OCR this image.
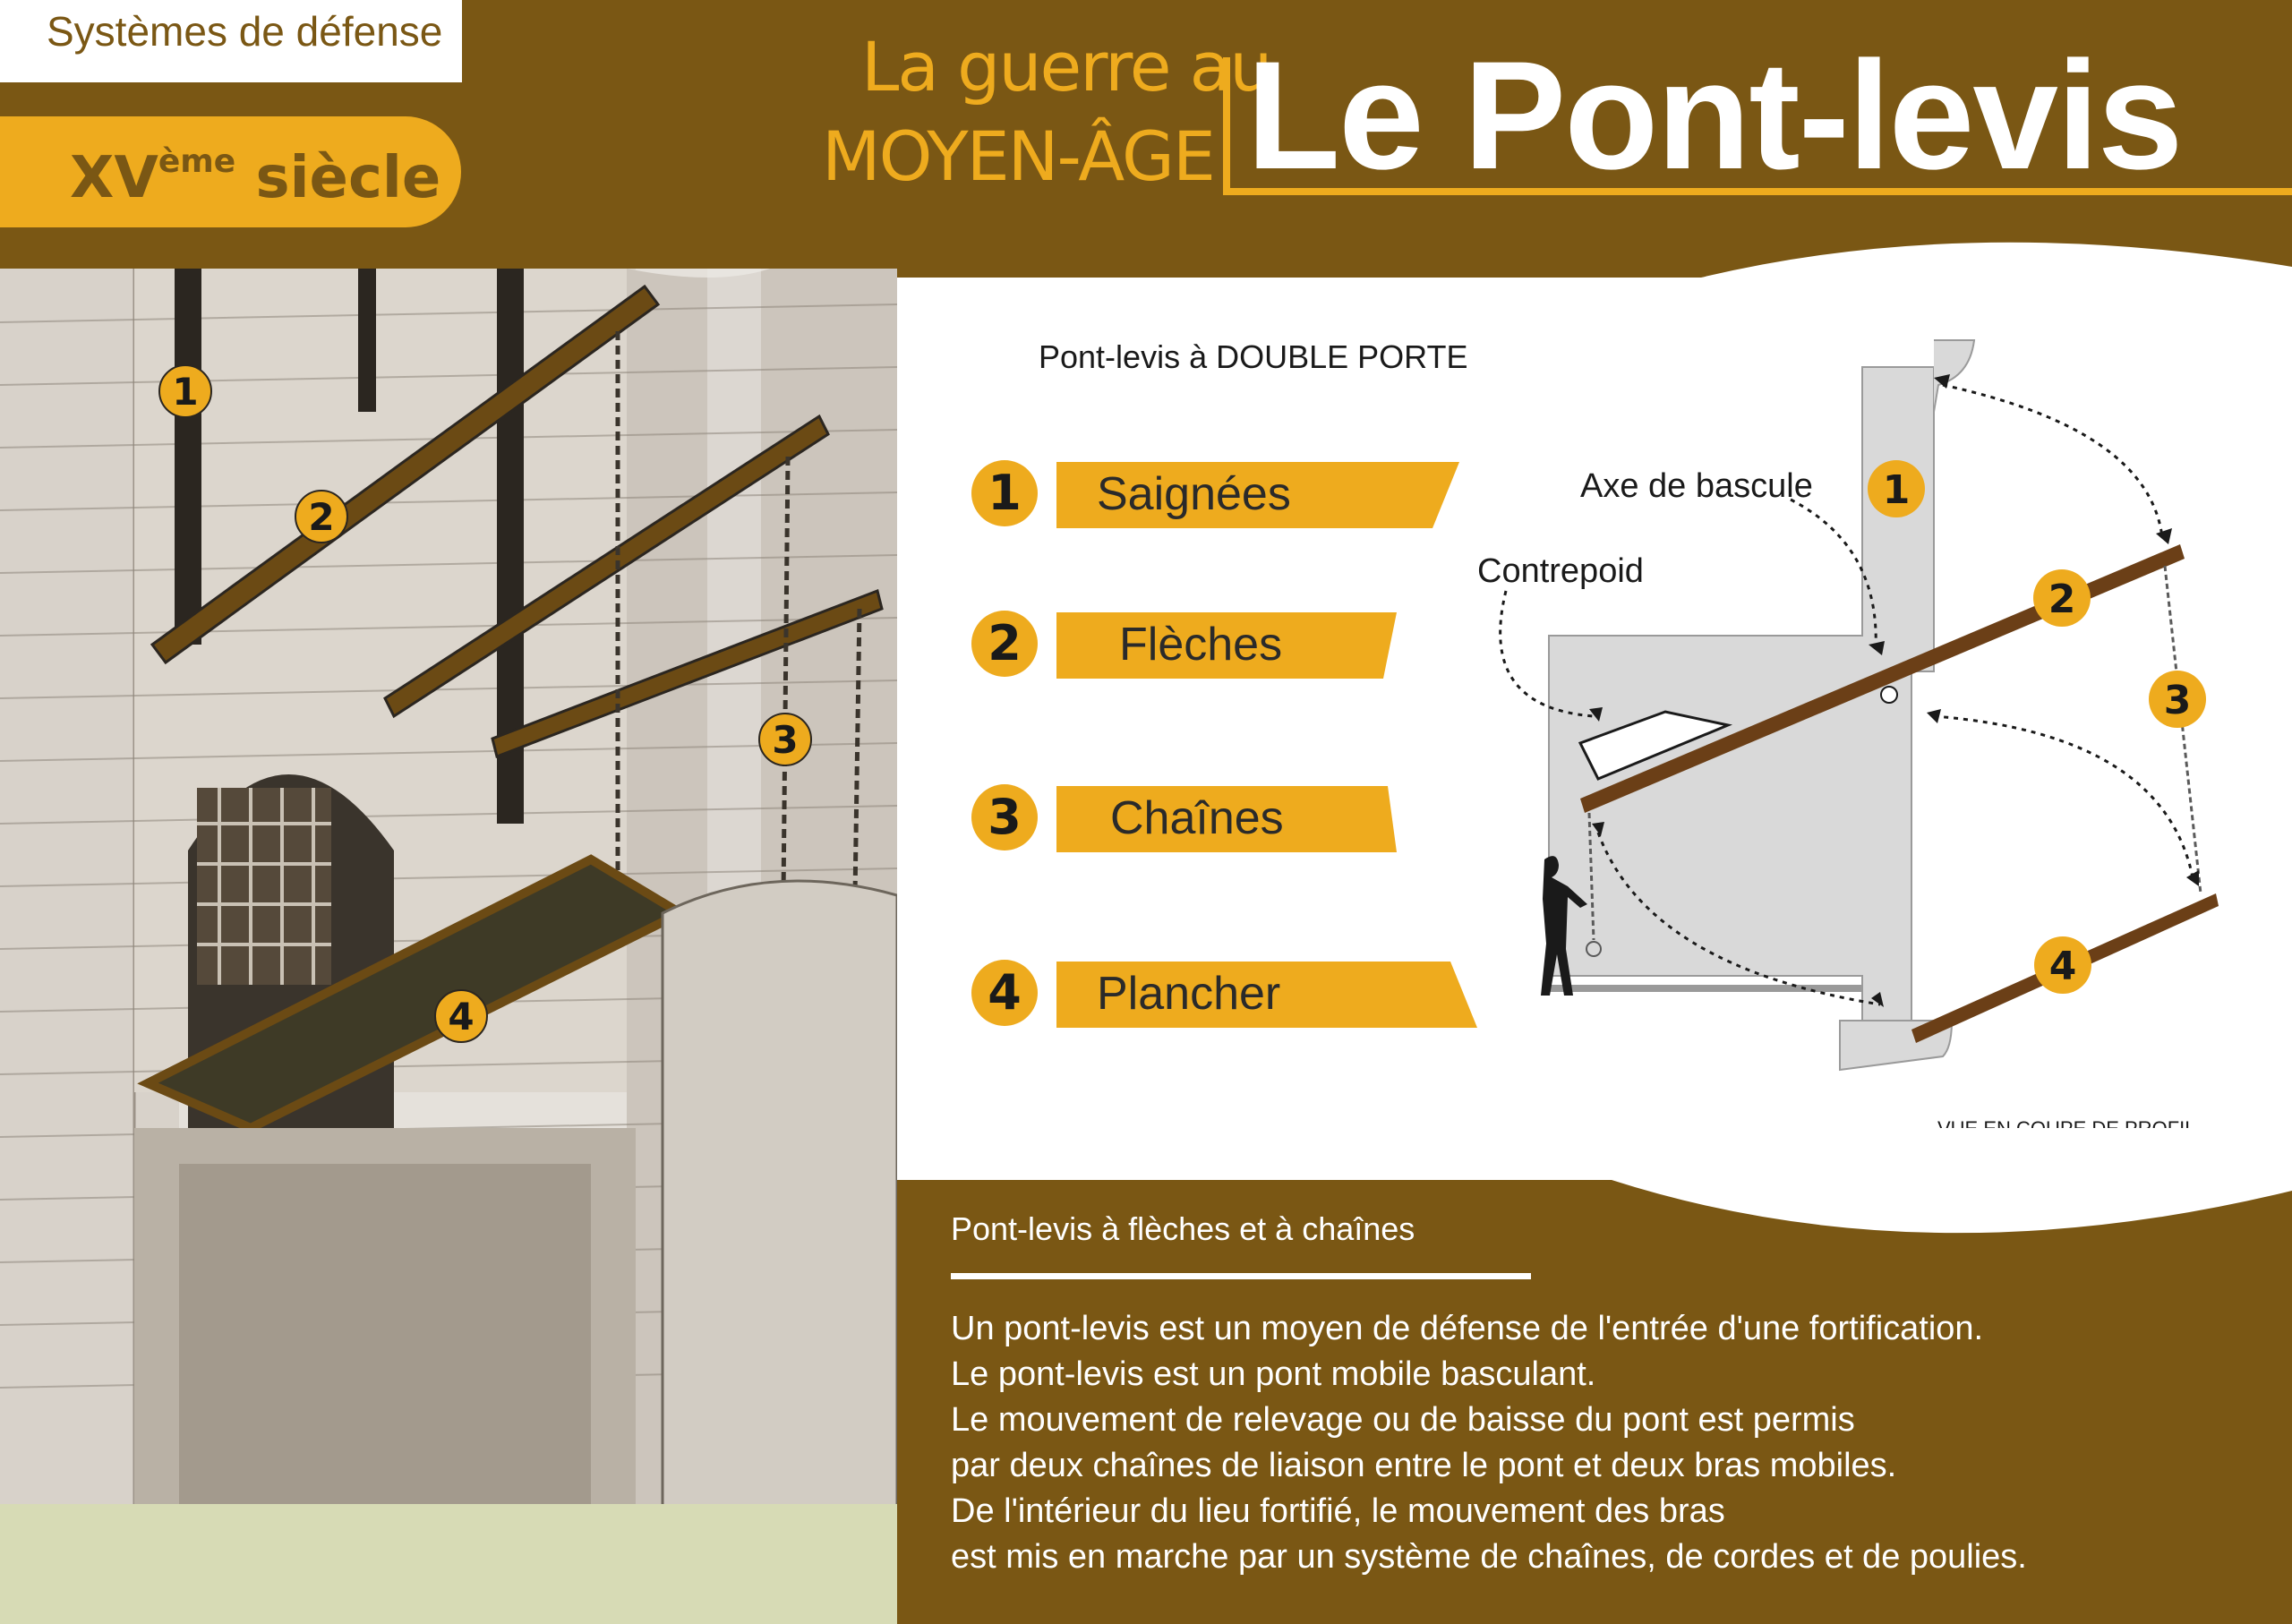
Systèmes de défense
XVème siècle
La guerre au
MOYEN-ÂGE Le Pont-levis
1
2
3
4
Pont-levis à DOUBLE PORTE
1	Saignées
2	Flèches
3	Chaînes
4	Plancher
Axe de bascule
Contrepoid
1
2
3
4
Pont-levis à flèches et à chaînes
Un pont-levis est un moyen de défense de l'entrée d'une fortification.
Le pont-levis est un pont mobile basculant.
Le mouvement de relevage ou de baisse du pont est permis
par deux chaînes de liaison entre le pont et deux bras mobiles.
De l'intérieur du lieu fortifié, le mouvement des bras
est mis en marche par un système de chaînes, de cordes et de poulies.
